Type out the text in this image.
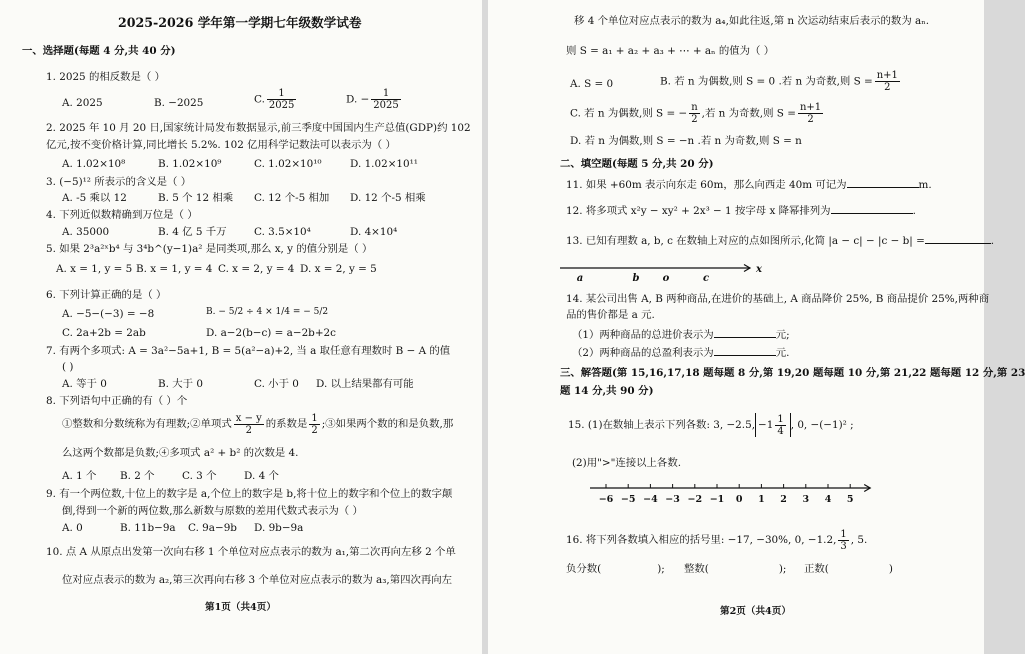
2025-2026 学年第一学期七年级数学试卷
一、选择题(每题 4 分,共 40 分)
1. 2025 的相反数是（ ）
A. 2025	B. −2025	C. $\frac{1}{2025}$	D. − $\frac{1}{2025}$
2. 2025 年 10 月 20 日,国家统计局发布数据显示,前三季度中国国内生产总值(GDP)约 102
亿元,按不变价格计算,同比增长 5.2%. 102 亿用科学记数法可以表示为（ ）
A. 1.02×10⁸	B. 1.02×10⁹	C. 1.02×10¹⁰	D. 1.02×10¹¹
3. (−5)¹² 所表示的含义是（ ）
A. -5 乘以 12	B. 5 个 12 相乘 C. 12 个-5 相加 D. 12 个-5 相乘
4. 下列近似数精确到万位是（ ）
A. 35000	B. 4 亿 5 千万	C. 3.5×10⁴	D. 4×10⁴
5. 如果 2³a²ˣb⁴ 与 3⁴b^(y−1)a² 是同类项,那么 x, y 的值分别是（ ）
A. x = 1, y = 5 B. x = 1, y = 4 C. x = 2, y = 4 D. x = 2, y = 5
6. 下列计算正确的是（ ）
A. −5−(−3) = −8	B. − 5/2 ÷ 4 × 1/4 = − 5/2
C. 2a+2b = 2ab	D. a−2(b−c) = a−2b+2c
7. 有两个多项式: A = 3a²−5a+1, B = 5(a²−a)+2, 当 a 取任意有理数时 B − A 的值
( )
A. 等于 0	B. 大于 0	C. 小于 0 D. 以上结果都有可能
8. 下列语句中正确的有（ ）个
①整数和分数统称为有理数;②单项式 $\frac{x - y}{2}$ 的系数是 $\frac{1}{2}$ ;③如果两个数的和是负数,那
么这两个数都是负数;④多项式 a² + b² 的次数是 4.
A. 1 个 B. 2 个	C. 3 个	D. 4 个
9. 有一个两位数,十位上的数字是 a,个位上的数字是 b,将十位上的数字和个位上的数字颠
倒,得到一个新的两位数,那么新数与原数的差用代数式表示为（ ）
A. 0	B. 11b−9a C. 9a−9b D. 9b−9a
10. 点 A 从原点出发第一次向右移 1 个单位对应点表示的数为 a₁,第二次再向左移 2 个单
位对应点表示的数为 a₂,第三次再向右移 3 个单位对应点表示的数为 a₃,第四次再向左
第1页（共4页）
移 4 个单位对应点表示的数为 a₄,如此往返,第 n 次运动结束后表示的数为 aₙ.
则 S = a₁ + a₂ + a₃ + ⋯ + aₙ 的值为（ ）
A. S = 0	B. 若 n 为偶数,则 S = 0 .若 n 为奇数,则 $S = \frac{n+1}{2}$
C. 若 n 为偶数,则 S = − $\frac{n}{2}$ ,若 n 为奇数,则 $S = \frac{n+1}{2}$
D. 若 n 为偶数,则 S = −n .若 n 为奇数,则 S = n
二、填空题(每题 5 分,共 20 分)
11. 如果 +60m 表示向东走 60m，那么向西走 40m 可记为	m.
12. 将多项式 x²y − xy² + 2x³ − 1 按字母 x 降幂排列为	.
13. 已知有理数 a, b, c 在数轴上对应的点如图所示,化简 |a − c| − |c − b| =	.
a	b o	c
x
14. 某公司出售 A, B 两种商品,在进价的基础上, A 商品降价 25%, B 商品提价 25%,两种商
品的售价都是 a 元.
（1）两种商品的总进价表示为	元;
（2）两种商品的总盈利表示为	元.
三、解答题(第 15,16,17,18 题每题 8 分,第 19,20 题每题 10 分,第 21,22 题每题 12 分,第 23
题 14 分,共 90 分)
15. (1)在数轴上表示下列各数: 3, −2.5, $-1 \frac{1}{4}$ , 0, −(−1)² ;
(2)用">"连接以上各数.
−6 −5 −4 −3 −2 −1 0 1 2 3 4 5
16. 将下列各数填入相应的括号里: −17, −30%, 0, −1.2, $\frac{1}{3}$ , 5.
负分数(	); 整数(	); 正数(	)
第2页（共4页）
